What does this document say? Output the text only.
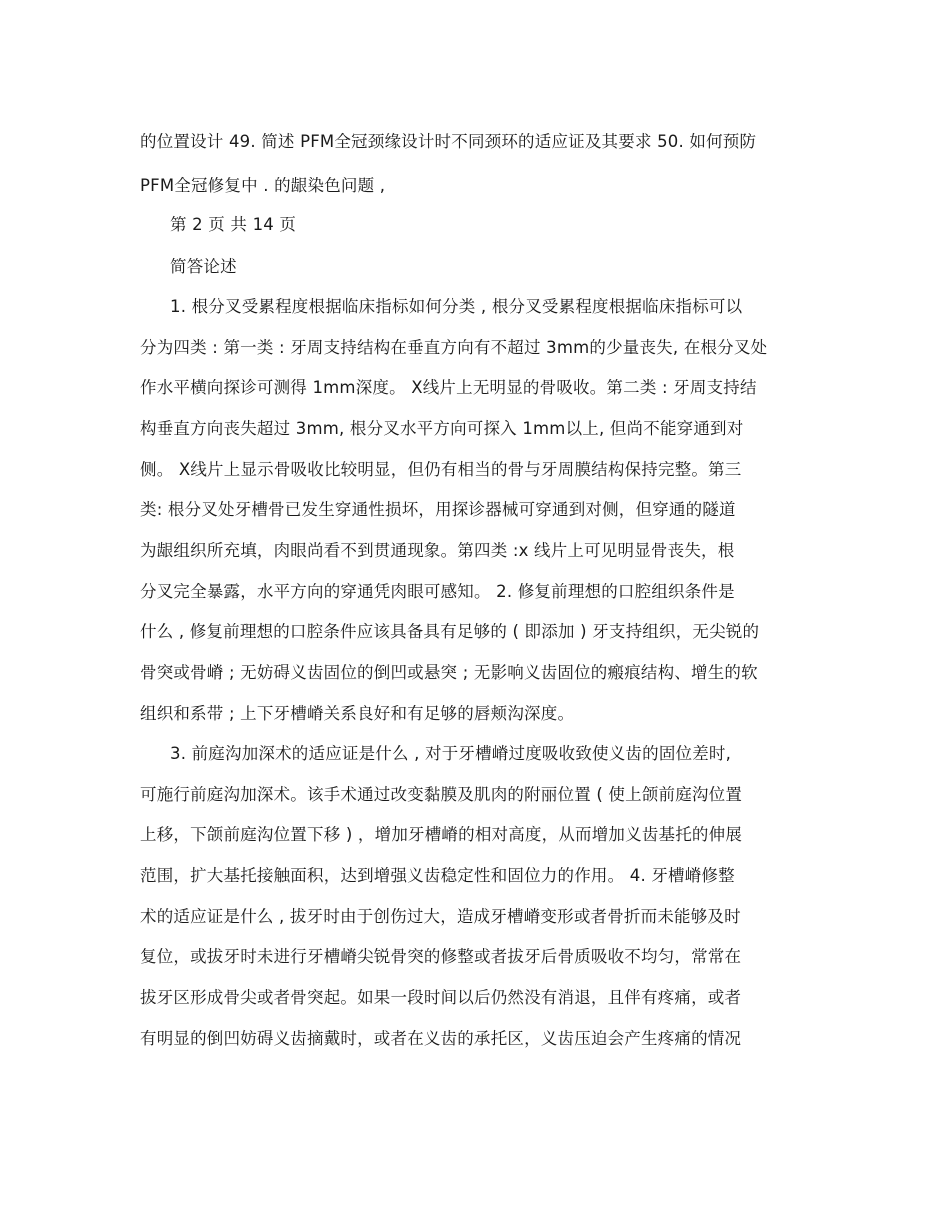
的位置设计 49. 简述 PFM全冠颈缘设计时不同颈环的适应证及其要求 50. 如何预防
PFM全冠修复中 . 的龈染色问题 ,
第 2 页 共 14 页
简答论述
1. 根分叉受累程度根据临床指标如何分类 , 根分叉受累程度根据临床指标可以
分为四类 : 第一类 : 牙周支持结构在垂直方向有不超过 3mm的少量丧失, 在根分叉处
作水平横向探诊可测得 1mm深度。 X线片上无明显的骨吸收。第二类 : 牙周支持结
构垂直方向丧失超过 3mm, 根分叉水平方向可探入 1mm以上, 但尚不能穿通到对
侧。 X线片上显示骨吸收比较明显，但仍有相当的骨与牙周膜结构保持完整。第三
类: 根分叉处牙槽骨已发生穿通性损坏，用探诊器械可穿通到对侧，但穿通的隧道
为龈组织所充填，肉眼尚看不到贯通现象。第四类 :x 线片上可见明显骨丧失，根
分叉完全暴露，水平方向的穿通凭肉眼可感知。 2. 修复前理想的口腔组织条件是
什么 , 修复前理想的口腔条件应该具备具有足够的 ( 即添加 ) 牙支持组织，无尖锐的
骨突或骨嵴 ; 无妨碍义齿固位的倒凹或悬突 ; 无影响义齿固位的瘢痕结构、增生的软
组织和系带 ; 上下牙槽嵴关系良好和有足够的唇颊沟深度。
3. 前庭沟加深术的适应证是什么 , 对于牙槽嵴过度吸收致使义齿的固位差时,
可施行前庭沟加深术。该手术通过改变黏膜及肌肉的附丽位置 ( 使上颌前庭沟位置
上移，下颌前庭沟位置下移 ) ，增加牙槽嵴的相对高度，从而增加义齿基托的伸展
范围，扩大基托接触面积，达到增强义齿稳定性和固位力的作用。 4. 牙槽嵴修整
术的适应证是什么 , 拔牙时由于创伤过大，造成牙槽嵴变形或者骨折而未能够及时
复位，或拔牙时未进行牙槽嵴尖锐骨突的修整或者拔牙后骨质吸收不均匀，常常在
拔牙区形成骨尖或者骨突起。如果一段时间以后仍然没有消退，且伴有疼痛，或者
有明显的倒凹妨碍义齿摘戴时，或者在义齿的承托区，义齿压迫会产生疼痛的情况
